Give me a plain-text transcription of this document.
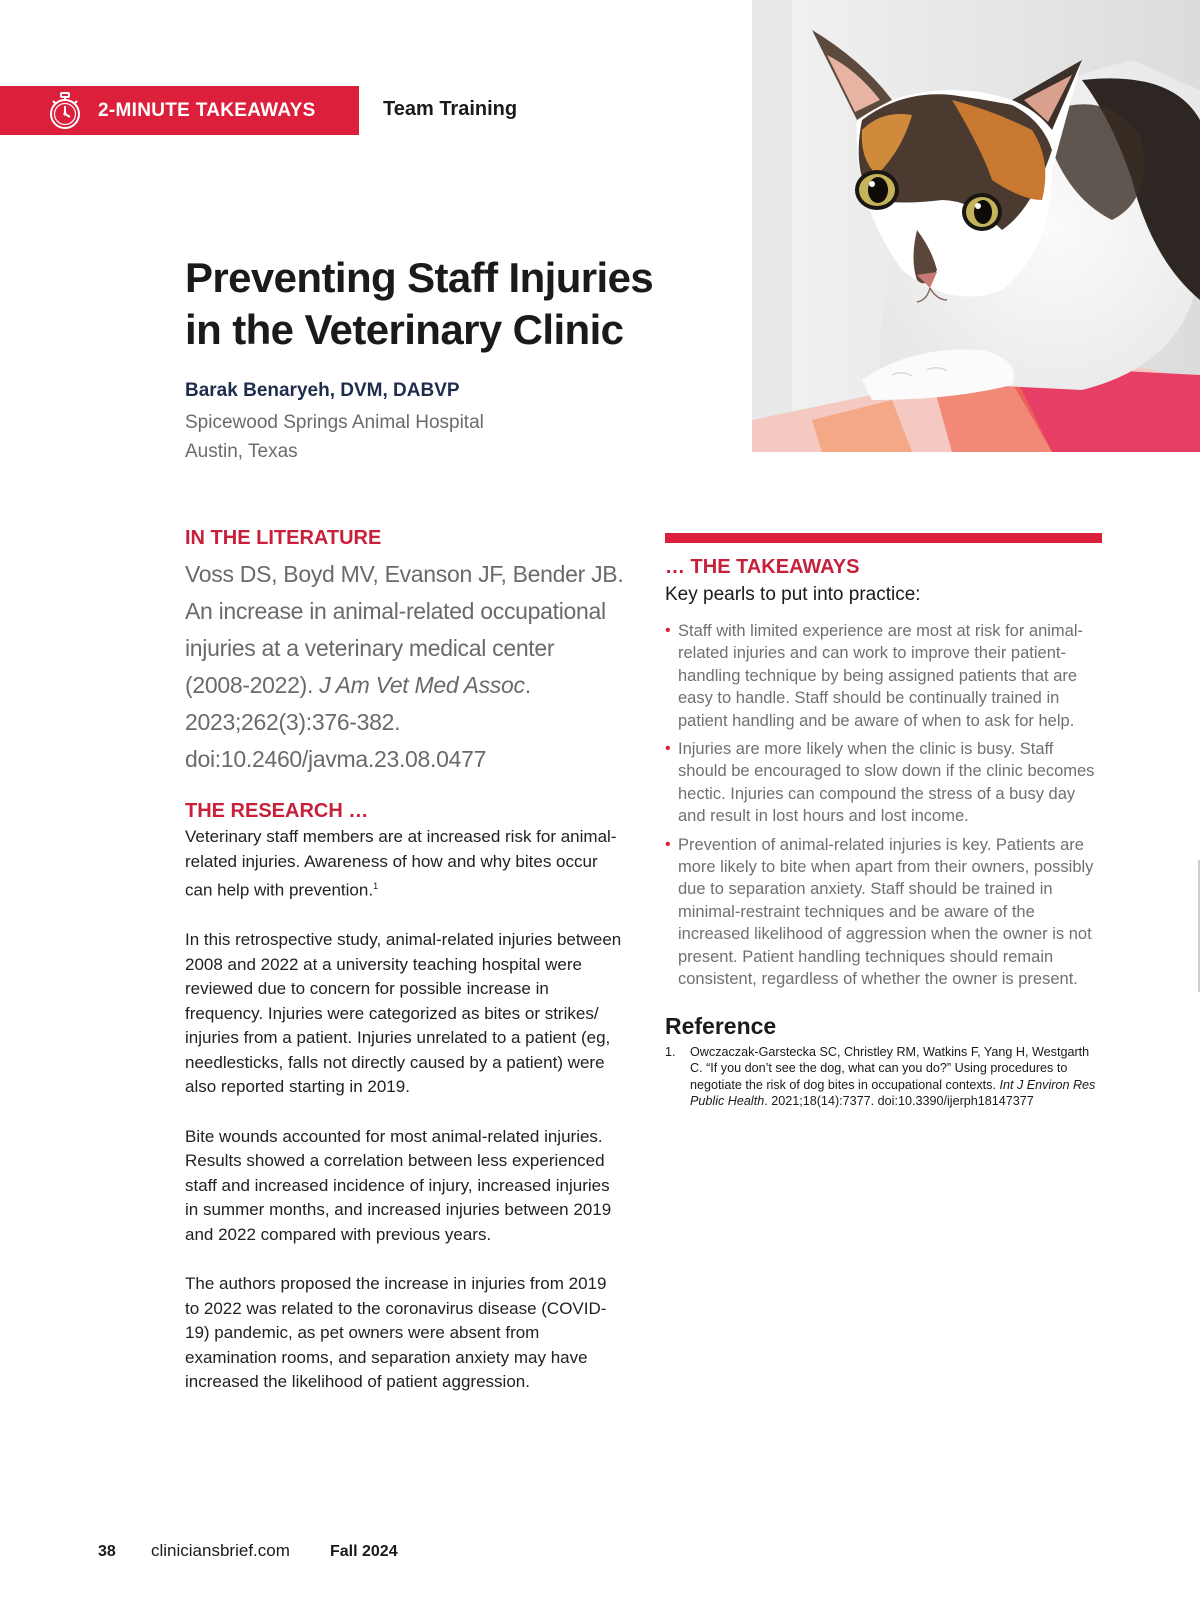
2-MINUTE TAKEAWAYS	Team Training
Preventing Staff Injuries
in the Veterinary Clinic
Barak Benaryeh, DVM, DABVP
Spicewood Springs Animal Hospital
Austin, Texas
IN THE LITERATURE

Voss DS, Boyd MV, Evanson JF, Bender JB. An increase in animal-related occupational injuries at a veterinary medical center (2008-2022). J Am Vet Med Assoc. 2023;262(3):376-382. doi:10.2460/javma.23.08.0477

THE RESEARCH …

Veterinary staff members are at increased risk for animal-related injuries. Awareness of how and why bites occur can help with prevention.$^1$

In this retrospective study, animal-related injuries between 2008 and 2022 at a university teaching hospital were reviewed due to concern for possible increase in frequency. Injuries were categorized as bites or strikes/ injuries from a patient. Injuries unrelated to a patient (eg, needlesticks, falls not directly caused by a patient) were also reported starting in 2019.

Bite wounds accounted for most animal-related injuries. Results showed a correlation between less experienced staff and increased incidence of injury, increased injuries in summer months, and increased injuries between 2019 and 2022 compared with previous years.

The authors proposed the increase in injuries from 2019 to 2022 was related to the coronavirus disease (COVID-19) pandemic, as pet owners were absent from examination rooms, and separation anxiety may have increased the likelihood of patient aggression.

… THE TAKEAWAYS
Key pearls to put into practice:
• Staff with limited experience are most at risk for animal-related injuries and can work to improve their patient-handling technique by being assigned patients that are easy to handle. Staff should be continually trained in patient handling and be aware of when to ask for help.
• Injuries are more likely when the clinic is busy. Staff should be encouraged to slow down if the clinic becomes hectic. Injuries can compound the stress of a busy day and result in lost hours and lost income.
• Prevention of animal-related injuries is key. Patients are more likely to bite when apart from their owners, possibly due to separation anxiety. Staff should be trained in minimal-restraint techniques and be aware of the increased likelihood of aggression when the owner is not present. Patient handling techniques should remain consistent, regardless of whether the owner is present.
Reference
1.	Owczaczak-Garstecka SC, Christley RM, Watkins F, Yang H, Westgarth C. “If you don’t see the dog, what can you do?” Using procedures to negotiate the risk of dog bites in occupational contexts. Int J Environ Res Public Health. 2021;18(14):7377. doi:10.3390/ijerph18147377
38	cliniciansbrief.com	Fall 2024
